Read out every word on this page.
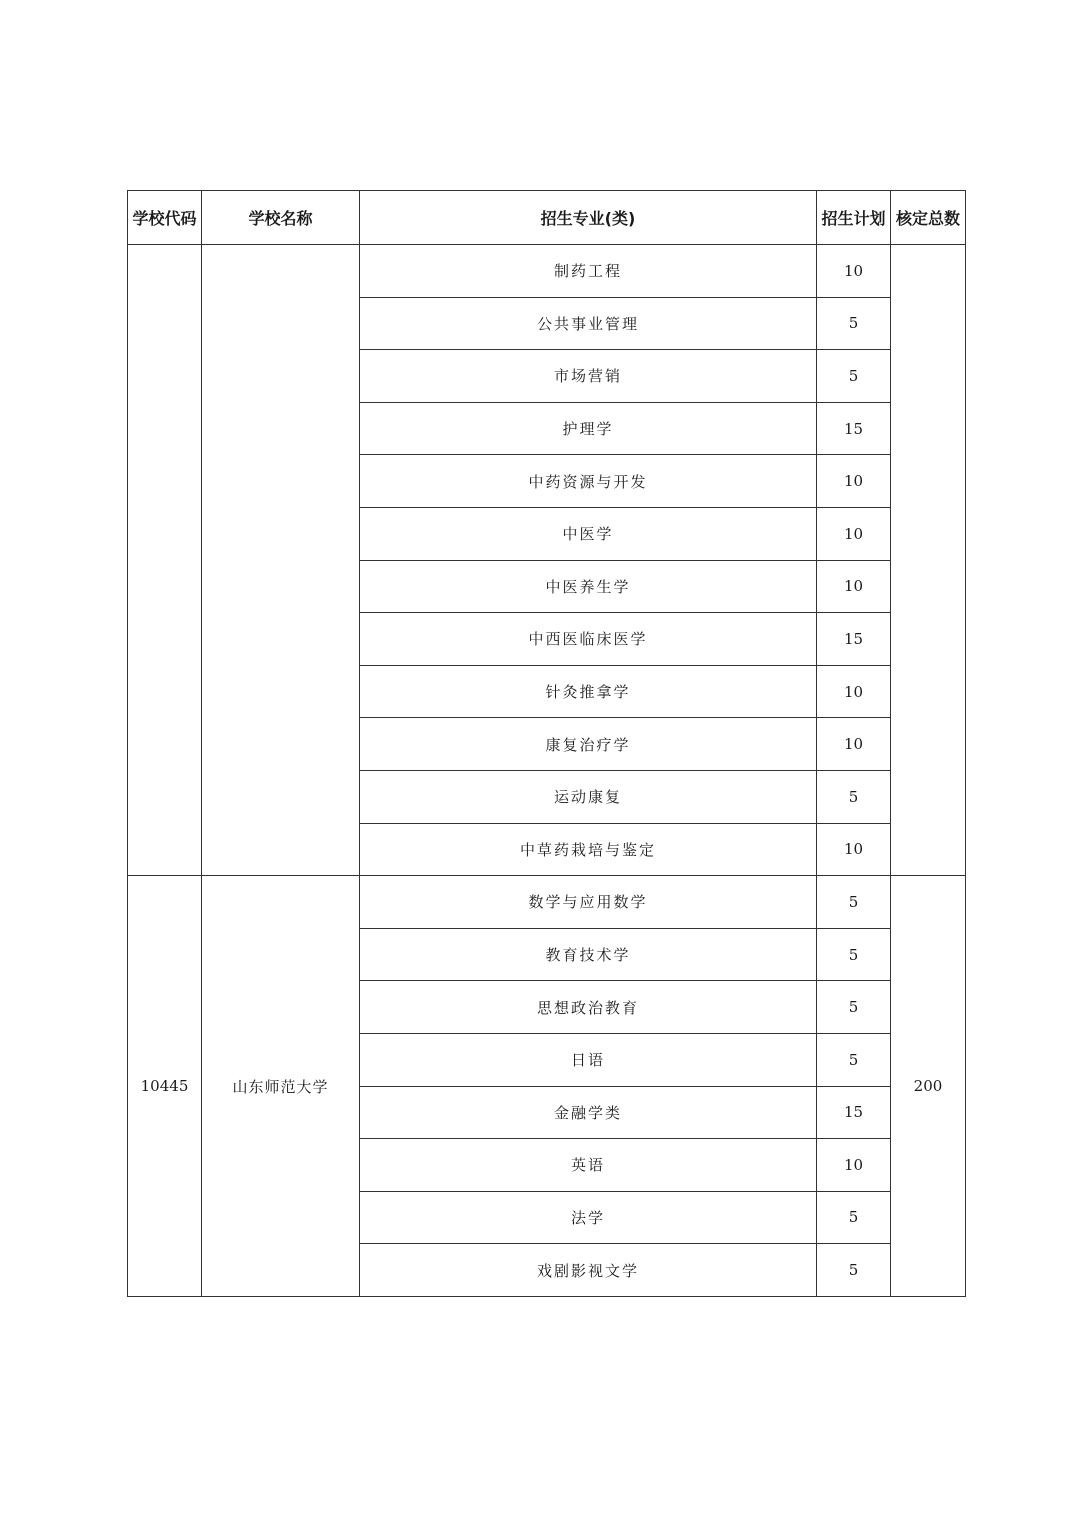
学校代码	学校名称	招生专业(类)	招生计划	核定总数
		制药工程	10	
		公共事业管理	5	
		市场营销	5	
		护理学	15	
		中药资源与开发	10	
		中医学	10	
		中医养生学	10	
		中西医临床医学	15	
		针灸推拿学	10	
		康复治疗学	10	
		运动康复	5	
		中草药栽培与鉴定	10	
10445	山东师范大学	数学与应用数学	5	200
		教育技术学	5	
		思想政治教育	5	
		日语	5	
		金融学类	15	
		英语	10	
		法学	5	
		戏剧影视文学	5	
